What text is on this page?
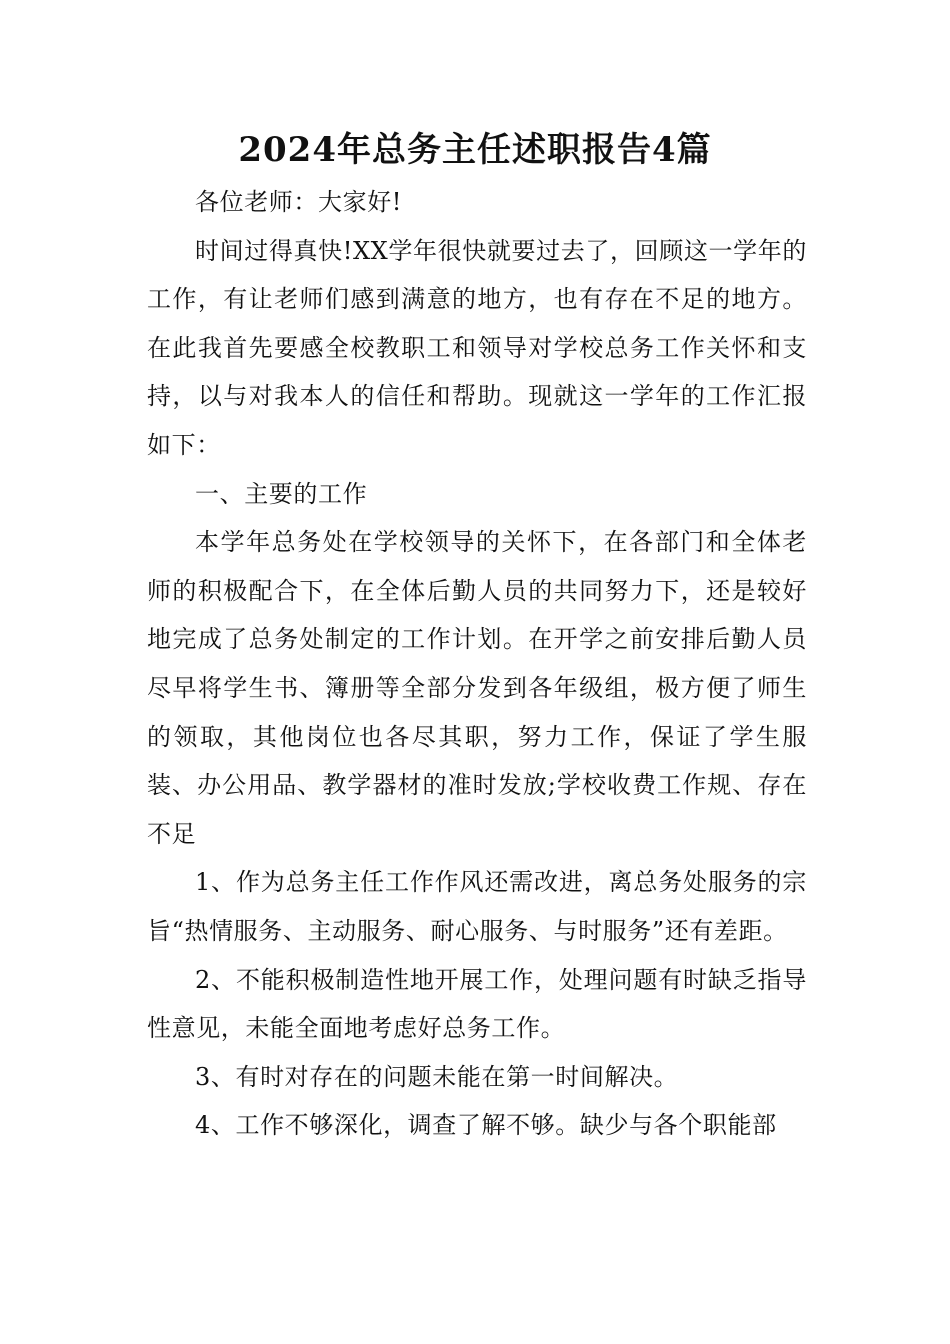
2024年总务主任述职报告4篇

各位老师：大家好!

时间过得真快!XX学年很快就要过去了，回顾这一学年的工作，有让老师们感到满意的地方，也有存在不足的地方。在此我首先要感全校教职工和领导对学校总务工作关怀和支持，以与对我本人的信任和帮助。现就这一学年的工作汇报如下：

一、主要的工作

本学年总务处在学校领导的关怀下，在各部门和全体老师的积极配合下，在全体后勤人员的共同努力下，还是较好地完成了总务处制定的工作计划。在开学之前安排后勤人员尽早将学生书、簿册等全部分发到各年级组，极方便了师生的领取，其他岗位也各尽其职，努力工作，保证了学生服装、办公用品、教学器材的准时发放;学校收费工作规、存在不足

1、作为总务主任工作作风还需改进，离总务处服务的宗旨“热情服务、主动服务、耐心服务、与时服务”还有差距。

2、不能积极制造性地开展工作，处理问题有时缺乏指导性意见，未能全面地考虑好总务工作。

3、有时对存在的问题未能在第一时间解决。

4、工作不够深化，调查了解不够。缺少与各个职能部
